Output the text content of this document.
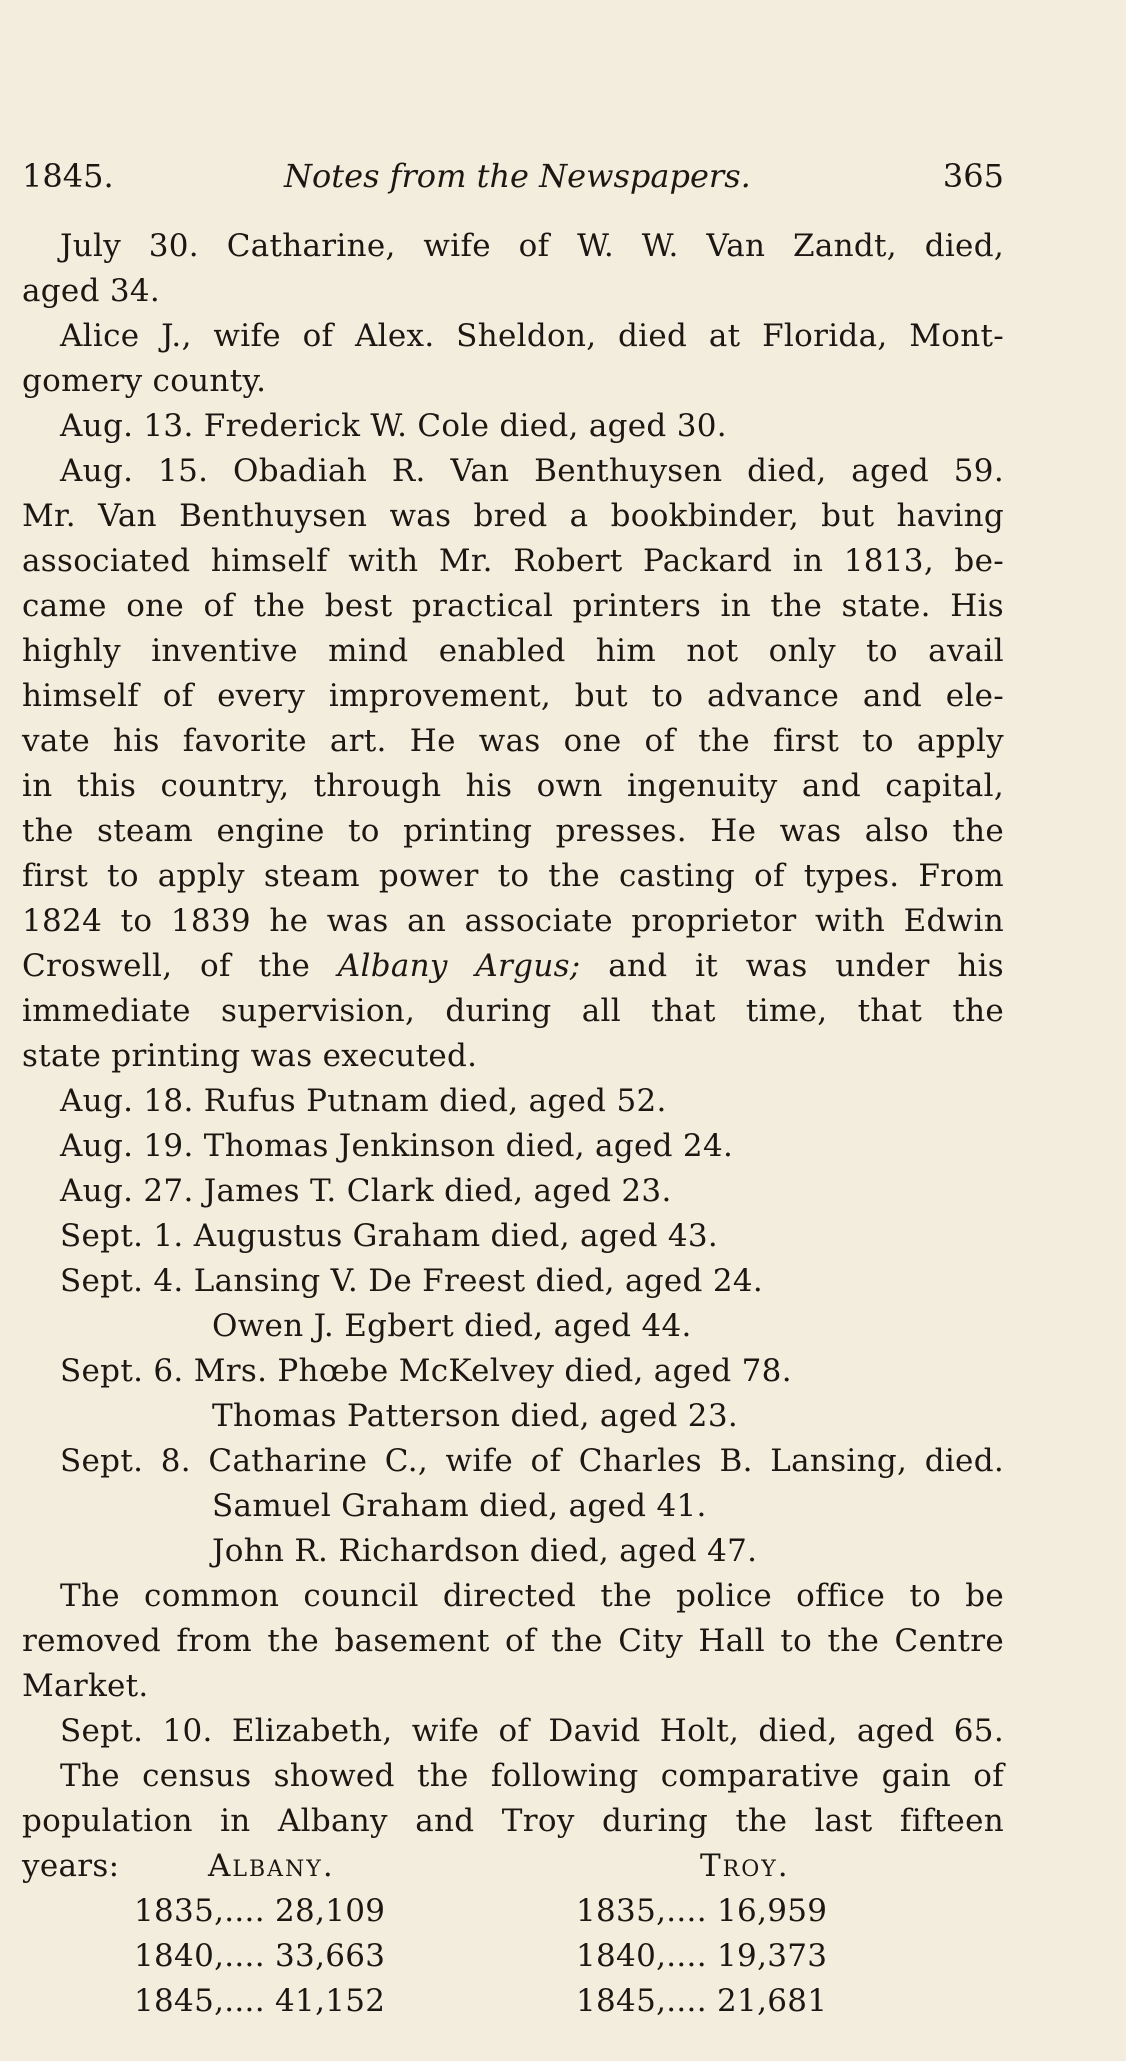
1845.	Notes from the Newspapers.	365
July 30. Catharine, wife of W. W. Van Zandt, died,
aged 34.
Alice J., wife of Alex. Sheldon, died at Florida, Mont-
gomery county.
Aug. 13. Frederick W. Cole died, aged 30.
Aug. 15. Obadiah R. Van Benthuysen died, aged 59.
Mr. Van Benthuysen was bred a bookbinder, but having
associated himself with Mr. Robert Packard in 1813, be-
came one of the best practical printers in the state. His
highly inventive mind enabled him not only to avail
himself of every improvement, but to advance and ele-
vate his favorite art. He was one of the first to apply
in this country, through his own ingenuity and capital,
the steam engine to printing presses. He was also the
first to apply steam power to the casting of types. From
1824 to 1839 he was an associate proprietor with Edwin
Croswell, of the Albany Argus; and it was under his
immediate supervision, during all that time, that the
state printing was executed.
Aug. 18. Rufus Putnam died, aged 52.
Aug. 19. Thomas Jenkinson died, aged 24.
Aug. 27. James T. Clark died, aged 23.
Sept. 1. Augustus Graham died, aged 43.
Sept. 4. Lansing V. De Freest died, aged 24.
Owen J. Egbert died, aged 44.
Sept. 6. Mrs. Phœbe McKelvey died, aged 78.
Thomas Patterson died, aged 23.
Sept. 8. Catharine C., wife of Charles B. Lansing, died.
Samuel Graham died, aged 41.
John R. Richardson died, aged 47.
The common council directed the police office to be
removed from the basement of the City Hall to the Centre
Market.
Sept. 10. Elizabeth, wife of David Holt, died, aged 65.
The census showed the following comparative gain of
population in Albany and Troy during the last fifteen
years:	Albany.	Troy.
1835,.... 28,109	1835,.... 16,959
1840,.... 33,663	1840,.... 19,373
1845,.... 41,152	1845,.... 21,681
